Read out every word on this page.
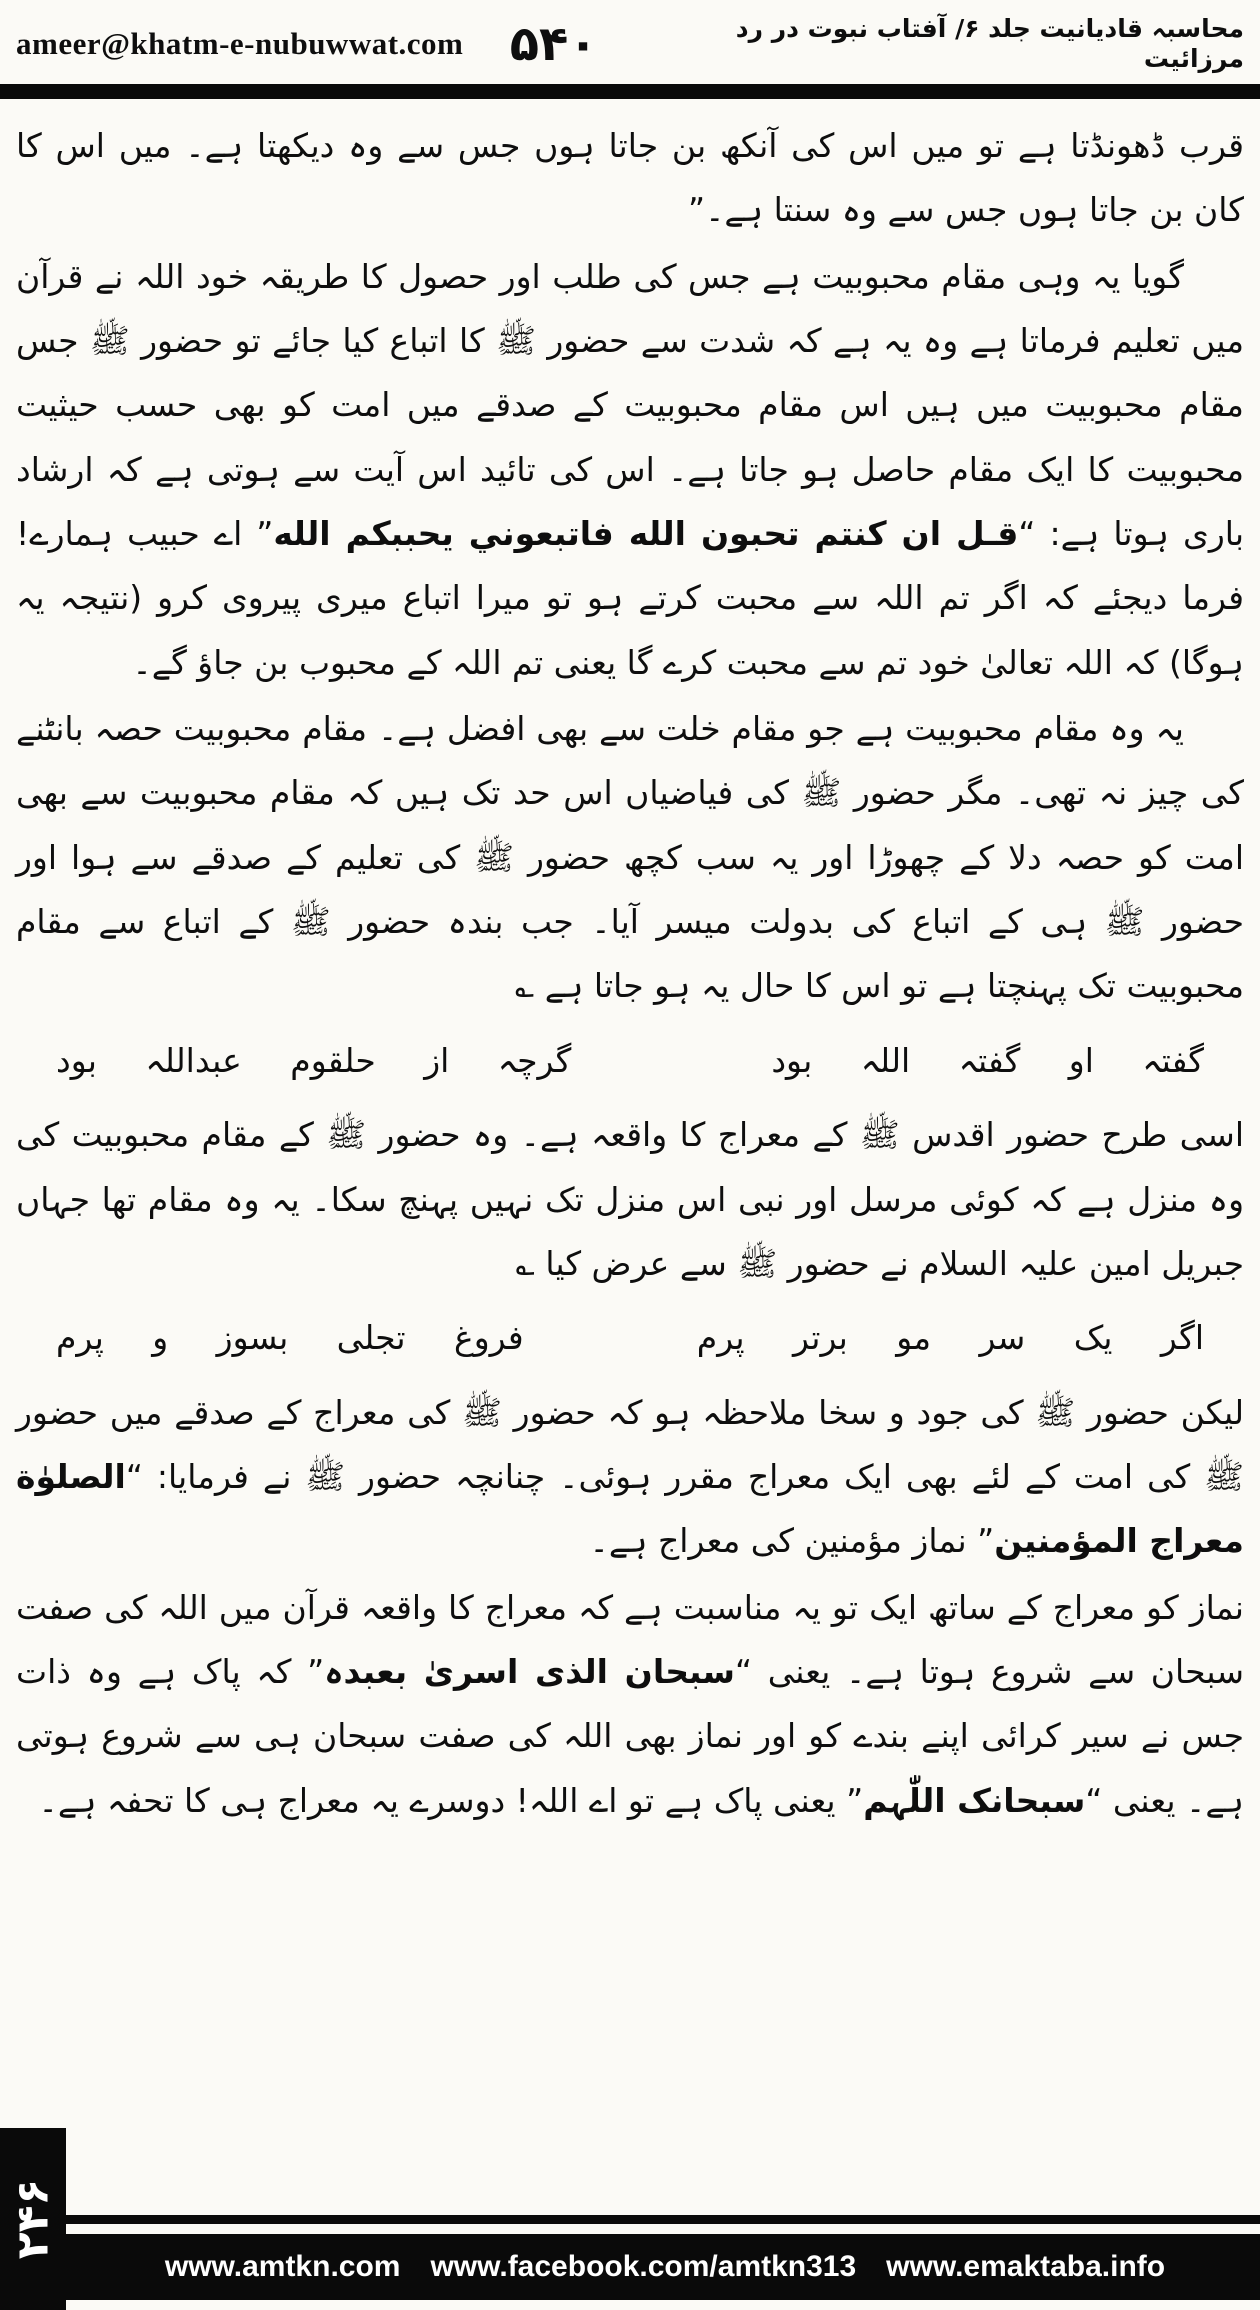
ameer@khatm-e-nubuwwat.com ۵۴۰	محاسبہ قادیانیت جلد ۶/ آفتاب نبوت در رد مرزائیت

قرب ڈھونڈتا ہے تو میں اس کی آنکھ بن جاتا ہوں جس سے وہ دیکھتا ہے۔ میں اس کا کان بن جاتا ہوں جس سے وہ سنتا ہے۔”

گویا یہ وہی مقام محبوبیت ہے جس کی طلب اور حصول کا طریقہ خود اللہ نے قرآن میں تعلیم فرماتا ہے وہ یہ ہے کہ شدت سے حضور ﷺ کا اتباع کیا جائے تو حضور ﷺ جس مقام محبوبیت میں ہیں اس مقام محبوبیت کے صدقے میں امت کو بھی حسب حیثیت محبوبیت کا ایک مقام حاصل ہو جاتا ہے۔ اس کی تائید اس آیت سے ہوتی ہے کہ ارشاد باری ہوتا ہے: “قـل ان كنتم تحبون الله فاتبعوني يحببكم الله” اے حبیب ہمارے! فرما دیجئے کہ اگر تم اللہ سے محبت کرتے ہو تو میرا اتباع میری پیروی کرو (نتیجہ یہ ہوگا) کہ اللہ تعالیٰ خود تم سے محبت کرے گا یعنی تم اللہ کے محبوب بن جاؤ گے۔

یہ وہ مقام محبوبیت ہے جو مقام خلت سے بھی افضل ہے۔ مقام محبوبیت حصہ بانٹنے کی چیز نہ تھی۔ مگر حضور ﷺ کی فیاضیاں اس حد تک ہیں کہ مقام محبوبیت سے بھی امت کو حصہ دلا کے چھوڑا اور یہ سب کچھ حضور ﷺ کی تعلیم کے صدقے سے ہوا اور حضور ﷺ ہی کے اتباع کی بدولت میسر آیا۔ جب بندہ حضور ﷺ کے اتباع سے مقام محبوبیت تک پہنچتا ہے تو اس کا حال یہ ہو جاتا ہے ؎

گفتہ او گفتہ اللہ بود
گرچہ از حلقوم عبداللہ بود

اسی طرح حضور اقدس ﷺ کے معراج کا واقعہ ہے۔ وہ حضور ﷺ کے مقام محبوبیت کی وہ منزل ہے کہ کوئی مرسل اور نبی اس منزل تک نہیں پہنچ سکا۔ یہ وہ مقام تھا جہاں جبریل امین علیہ السلام نے حضور ﷺ سے عرض کیا ؎

اگر یک سر مو برتر پرم
فروغ تجلی بسوز و پرم

لیکن حضور ﷺ کی جود و سخا ملاحظہ ہو کہ حضور ﷺ کی معراج کے صدقے میں حضور ﷺ کی امت کے لئے بھی ایک معراج مقرر ہوئی۔ چنانچہ حضور ﷺ نے فرمایا: “الصلوٰة معراج المؤمنين” نماز مؤمنین کی معراج ہے۔

نماز کو معراج کے ساتھ ایک تو یہ مناسبت ہے کہ معراج کا واقعہ قرآن میں اللہ کی صفت سبحان سے شروع ہوتا ہے۔ یعنی “سبحان الذی اسریٰ بعبدہ” کہ پاک ہے وہ ذات جس نے سیر کرائی اپنے بندے کو اور نماز بھی اللہ کی صفت سبحان ہی سے شروع ہوتی ہے۔ یعنی “سبحانک اللّٰہم” یعنی پاک ہے تو اے اللہ! دوسرے یہ معراج ہی کا تحفہ ہے۔

www.amtkn.com www.facebook.com/amtkn313 www.emaktaba.info
۲۴۶
